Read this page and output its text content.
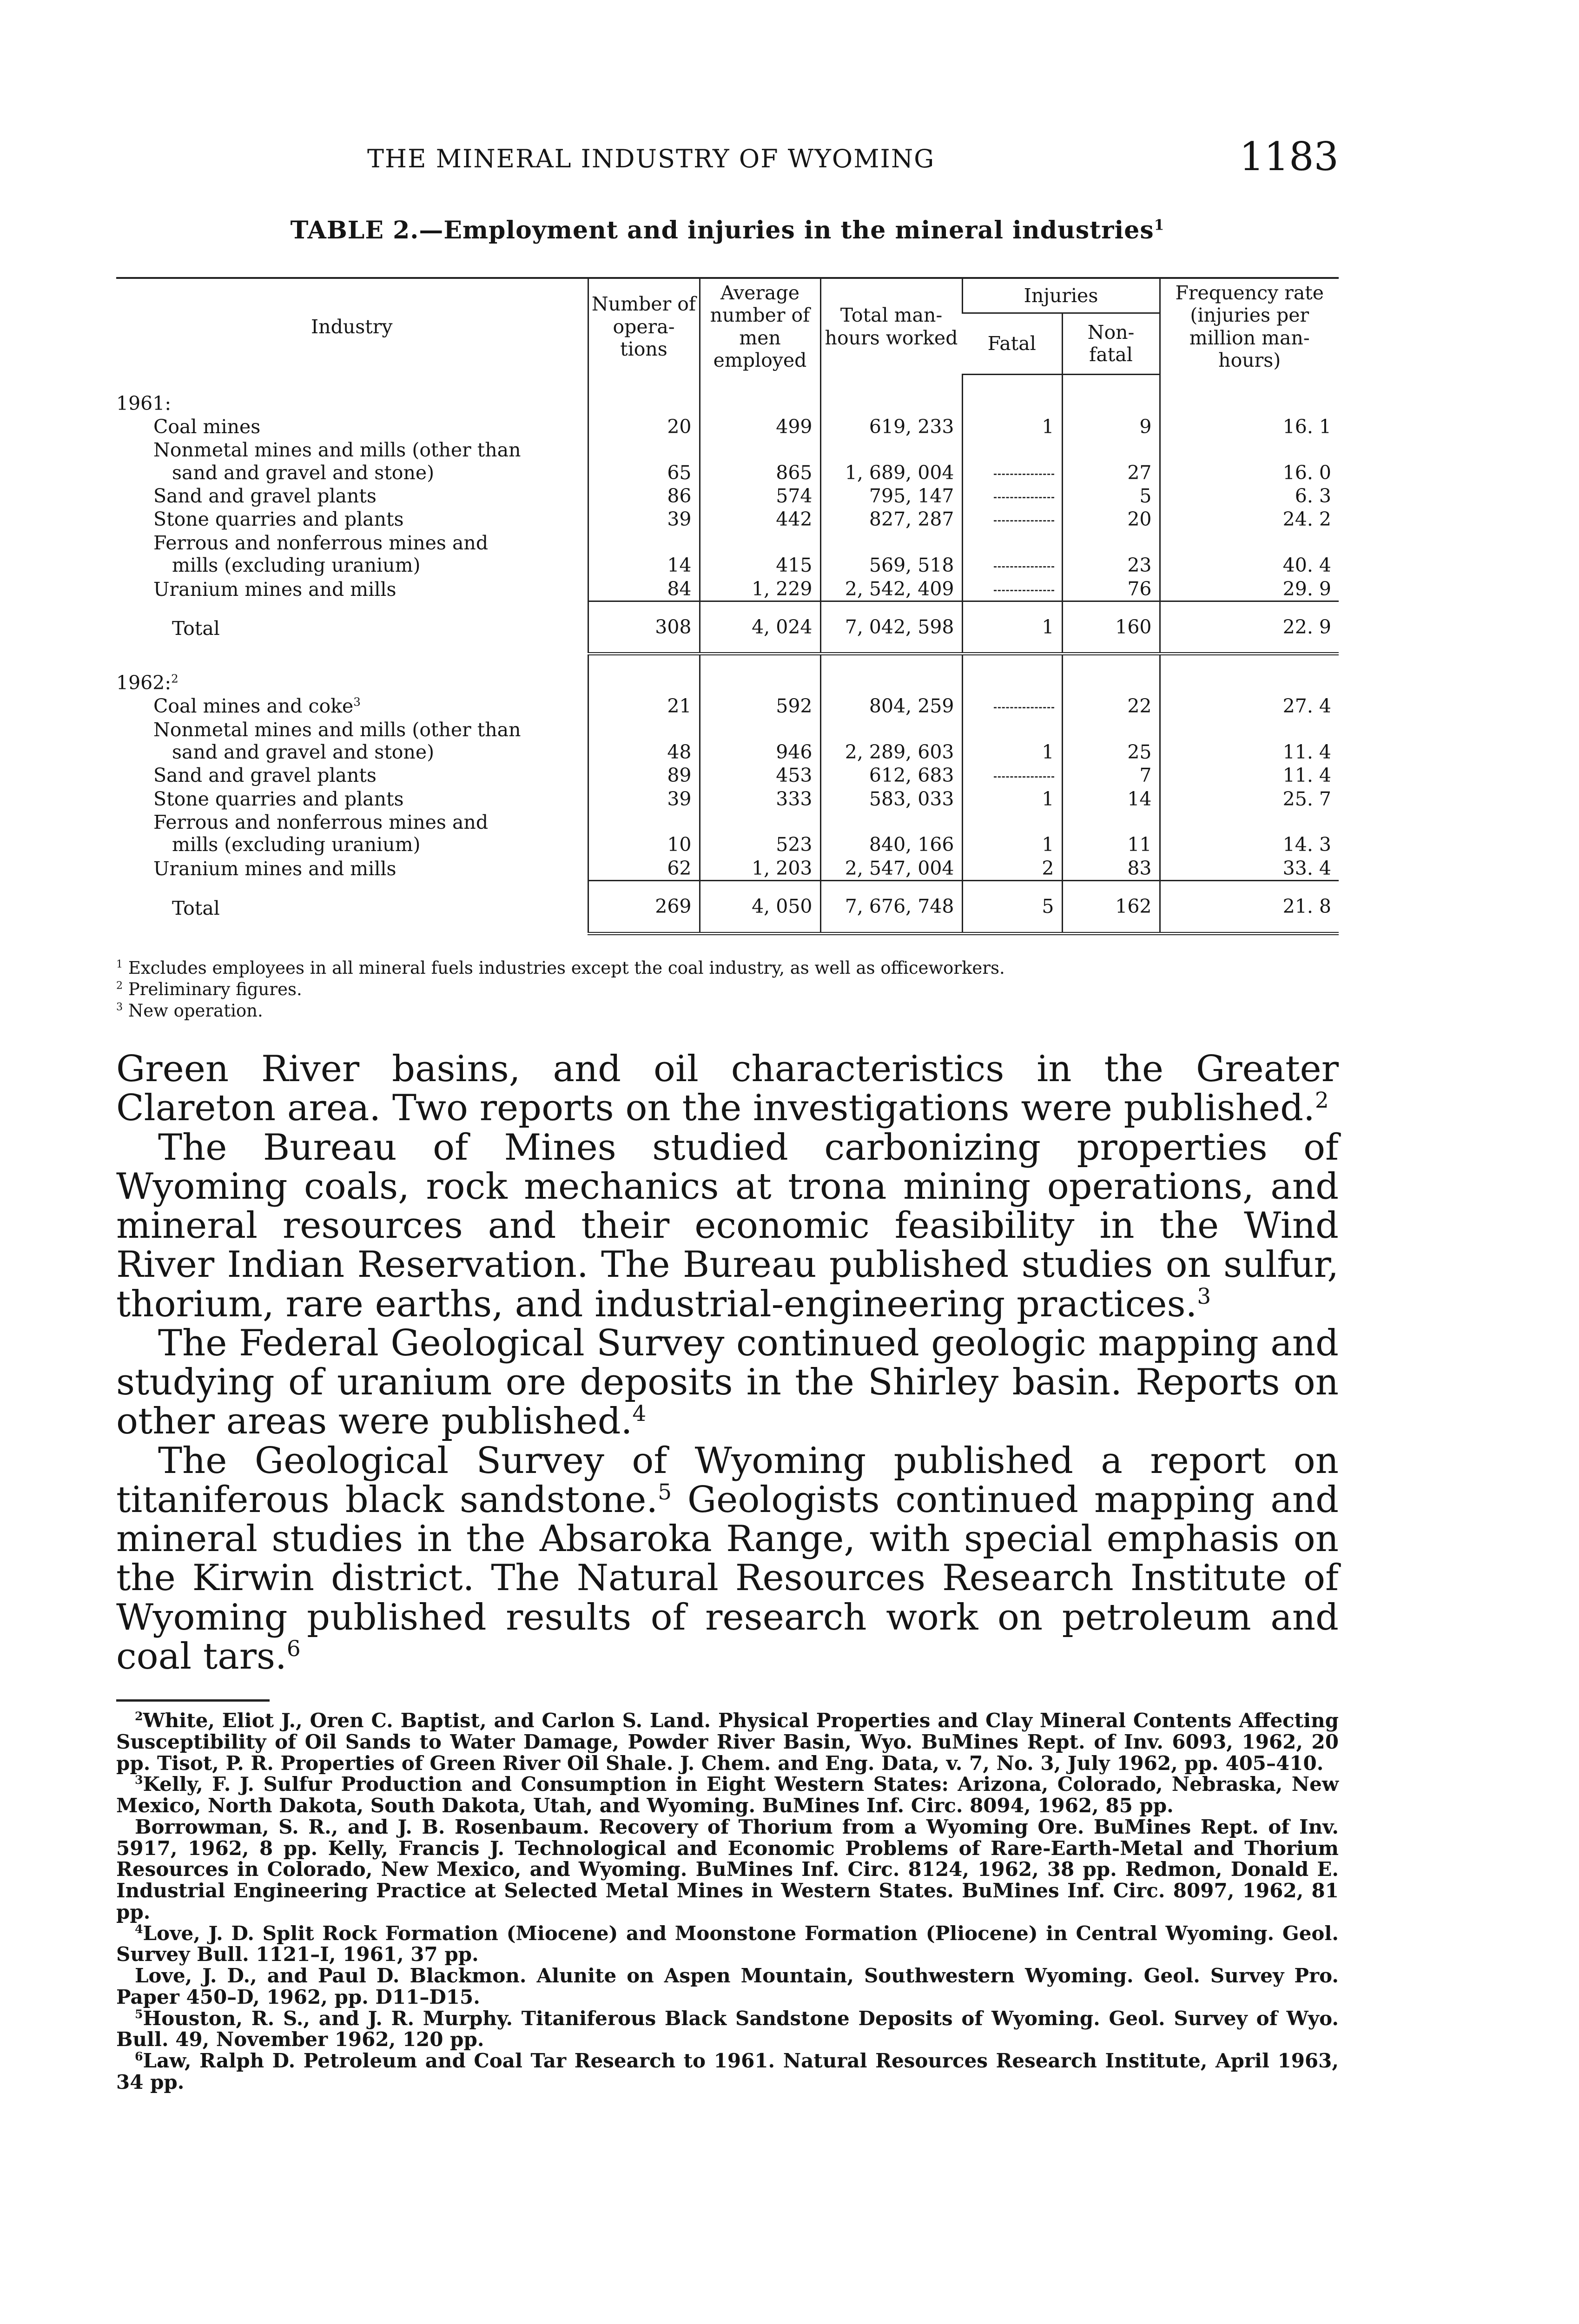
THE MINERAL INDUSTRY OF WYOMING	1183
TABLE 2.—Employment and injuries in the mineral industries$^1$
Industry	Number of opera- tions	Average number of men employed	Total man-hours worked	Injuries		Frequency rate (injuries per million man-hours)
				Fatal	Non- fatal	
1961:						

Coal mines	20	499	619, 233	1	9	16. 1

Nonmetal mines and mills (other than
sand and gravel and stone)	65	865	1, 689, 004		27	16. 0

Sand and gravel plants	86	574	795, 147		5	6. 3

Stone quarries and plants	39	442	827, 287		20	24. 2

Ferrous and nonferrous mines and
mills (excluding uranium)	14	415	569, 518		23	40. 4

Uranium mines and mills	84	1, 229	2, 542, 409		76	29. 9
Total	308	4, 024	7, 042, 598	1	160	22. 9
1962:$^2$						

Coal mines and coke$^3$	21	592	804, 259		22	27. 4

Nonmetal mines and mills (other than
sand and gravel and stone)	48	946	2, 289, 603	1	25	11. 4

Sand and gravel plants	89	453	612, 683		7	11. 4

Stone quarries and plants	39	333	583, 033	1	14	25. 7

Ferrous and nonferrous mines and
mills (excluding uranium)	10	523	840, 166	1	11	14. 3

Uranium mines and mills	62	1, 203	2, 547, 004	2	83	33. 4
Total	269	4, 050	7, 676, 748	5	162	21. 8
$^1$ Excludes employees in all mineral fuels industries except the coal industry, as well as officeworkers.
$^2$ Preliminary figures.
$^3$ New operation.

Green River basins, and oil characteristics in the Greater Clareton area. Two reports on the investigations were published.$^2$

The Bureau of Mines studied carbonizing properties of Wyoming coals, rock mechanics at trona mining operations, and mineral resources and their economic feasibility in the Wind River Indian Reservation. The Bureau published studies on sulfur, thorium, rare earths, and industrial-engineering practices.$^3$

The Federal Geological Survey continued geologic mapping and studying of uranium ore deposits in the Shirley basin. Reports on other areas were published.$^4$

The Geological Survey of Wyoming published a report on titaniferous black sandstone.$^5$ Geologists continued mapping and mineral studies in the Absaroka Range, with special emphasis on the Kirwin district. The Natural Resources Research Institute of Wyoming published results of research work on petroleum and coal tars.$^6$

$^2$White, Eliot J., Oren C. Baptist, and Carlon S. Land. Physical Properties and Clay Mineral Contents Affecting Susceptibility of Oil Sands to Water Damage, Powder River Basin, Wyo. BuMines Rept. of Inv. 6093, 1962, 20 pp. Tisot, P. R. Properties of Green River Oil Shale. J. Chem. and Eng. Data, v. 7, No. 3, July 1962, pp. 405–410.

$^3$Kelly, F. J. Sulfur Production and Consumption in Eight Western States: Arizona, Colorado, Nebraska, New Mexico, North Dakota, South Dakota, Utah, and Wyoming. BuMines Inf. Circ. 8094, 1962, 85 pp.

Borrowman, S. R., and J. B. Rosenbaum. Recovery of Thorium from a Wyoming Ore. BuMines Rept. of Inv. 5917, 1962, 8 pp. Kelly, Francis J. Technological and Economic Problems of Rare-Earth-Metal and Thorium Resources in Colorado, New Mexico, and Wyoming. BuMines Inf. Circ. 8124, 1962, 38 pp. Redmon, Donald E. Industrial Engineering Practice at Selected Metal Mines in Western States. BuMines Inf. Circ. 8097, 1962, 81 pp.

$^4$Love, J. D. Split Rock Formation (Miocene) and Moonstone Formation (Pliocene) in Central Wyoming. Geol. Survey Bull. 1121–I, 1961, 37 pp.

Love, J. D., and Paul D. Blackmon. Alunite on Aspen Mountain, Southwestern Wyoming. Geol. Survey Pro. Paper 450–D, 1962, pp. D11–D15.

$^5$Houston, R. S., and J. R. Murphy. Titaniferous Black Sandstone Deposits of Wyoming. Geol. Survey of Wyo. Bull. 49, November 1962, 120 pp.

$^6$Law, Ralph D. Petroleum and Coal Tar Research to 1961. Natural Resources Research Institute, April 1963, 34 pp.
